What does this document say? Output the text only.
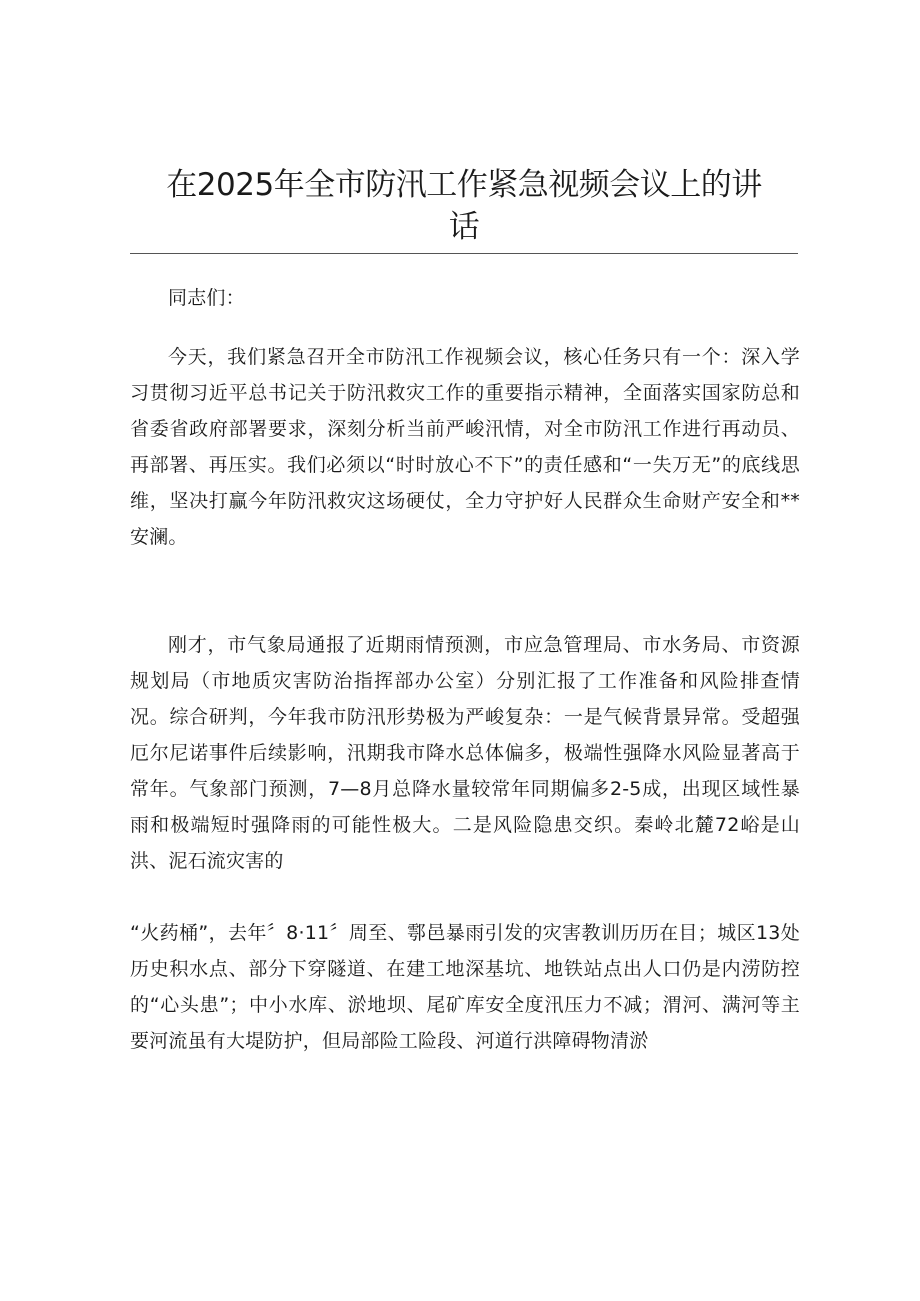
在2025年全市防汛工作紧急视频会议上的讲
话

同志们：

今天，我们紧急召开全市防汛工作视频会议，核心任务只有一个：深入学习贯彻习近平总书记关于防汛救灾工作的重要指示精神，全面落实国家防总和省委省政府部署要求，深刻分析当前严峻汛情，对全市防汛工作进行再动员、再部署、再压实。我们必须以“时时放心不下”的责任感和“一失万无”的底线思维，坚决打赢今年防汛救灾这场硬仗，全力守护好人民群众生命财产安全和**安澜。

刚才，市气象局通报了近期雨情预测，市应急管理局、市水务局、市资源规划局（市地质灾害防治指挥部办公室）分别汇报了工作准备和风险排查情况。综合研判，今年我市防汛形势极为严峻复杂：一是气候背景异常。受超强厄尔尼诺事件后续影响，汛期我市降水总体偏多，极端性强降水风险显著高于常年。气象部门预测，7—8月总降水量较常年同期偏多2-5成，出现区域性暴雨和极端短时强降雨的可能性极大。二是风险隐患交织。秦岭北麓72峪是山洪、泥石流灾害的

“火药桶”，去年〞8·11〞周至、鄠邑暴雨引发的灾害教训历历在目；城区13处历史积水点、部分下穿隧道、在建工地深基坑、地铁站点出人口仍是内涝防控的“心头患”；中小水库、淤地坝、尾矿库安全度汛压力不减；渭河、满河等主要河流虽有大堤防护，但局部险工险段、河道行洪障碍物清淤
